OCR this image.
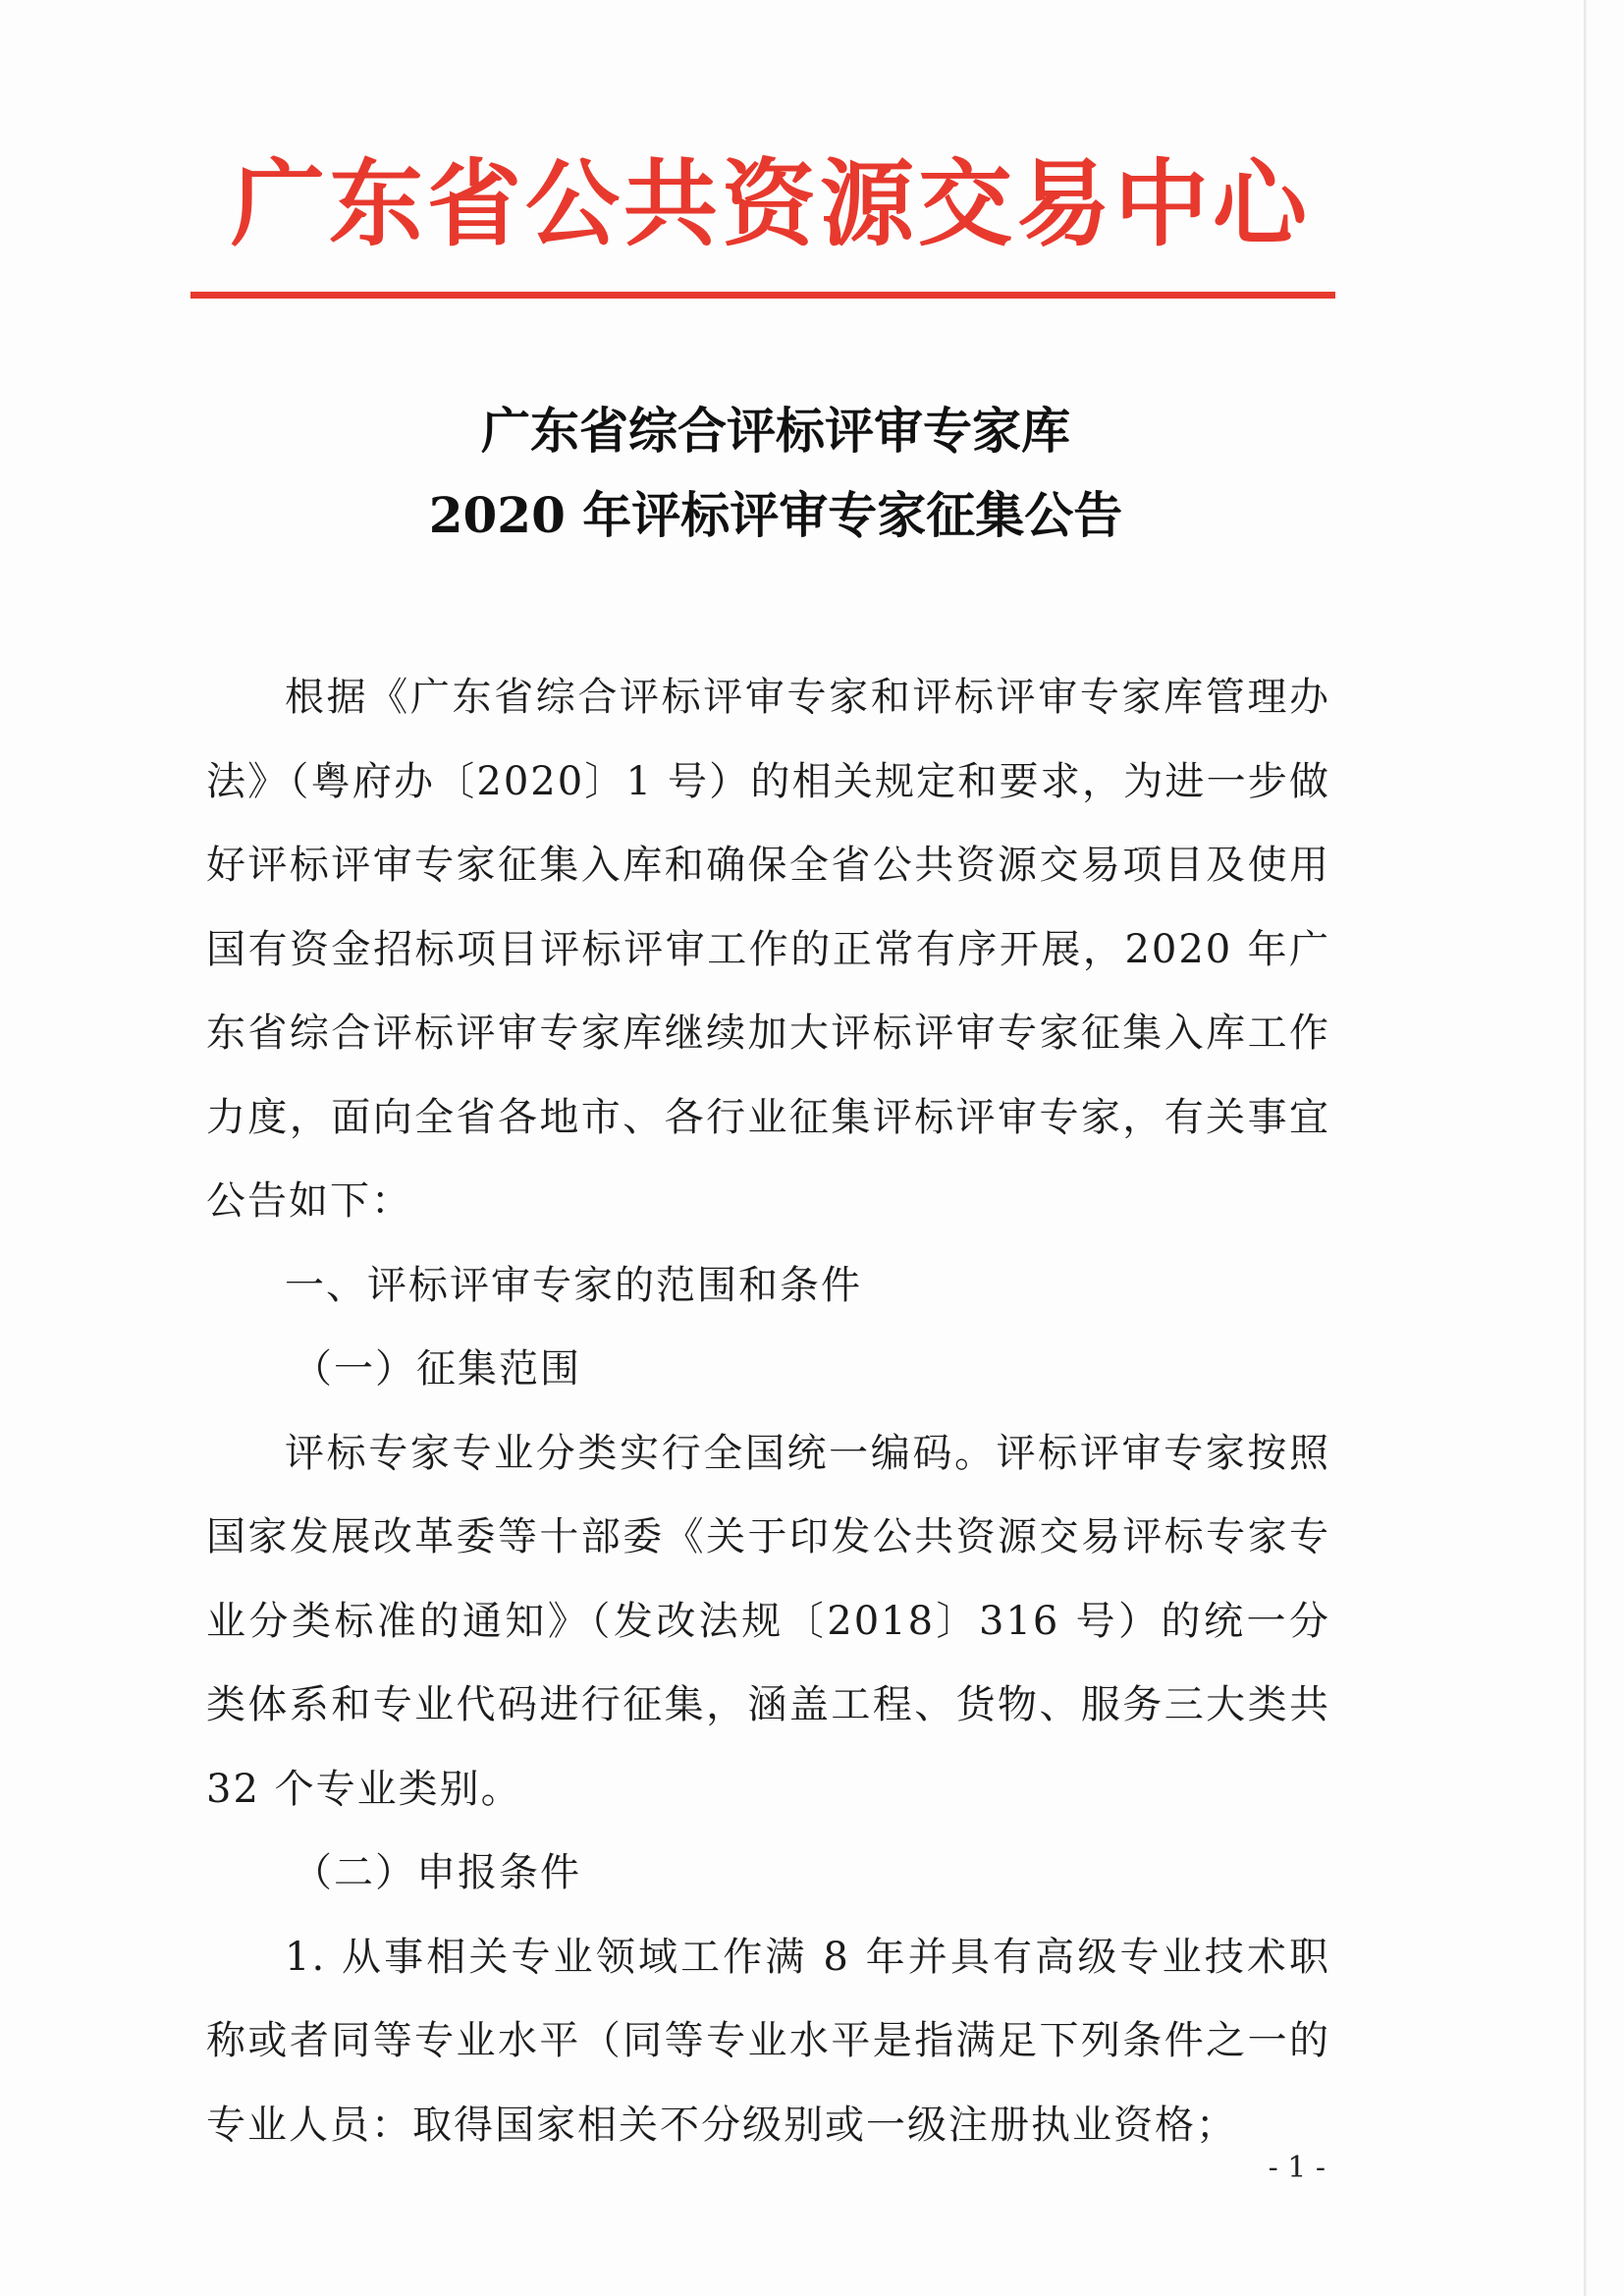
广东省公共资源交易中心
广东省综合评标评审专家库
2020 年评标评审专家征集公告

根据《广东省综合评标评审专家和评标评审专家库管理办法》（粤府办〔2020〕1 号）的相关规定和要求，为进一步做好评标评审专家征集入库和确保全省公共资源交易项目及使用国有资金招标项目评标评审工作的正常有序开展，2020 年广东省综合评标评审专家库继续加大评标评审专家征集入库工作力度，面向全省各地市、各行业征集评标评审专家，有关事宜公告如下：

一、评标评审专家的范围和条件

（一）征集范围

评标专家专业分类实行全国统一编码。评标评审专家按照国家发展改革委等十部委《关于印发公共资源交易评标专家专业分类标准的通知》（发改法规〔2018〕316 号）的统一分类体系和专业代码进行征集，涵盖工程、货物、服务三大类共 32 个专业类别。

（二）申报条件

1. 从事相关专业领域工作满 8 年并具有高级专业技术职称或者同等专业水平（同等专业水平是指满足下列条件之一的专业人员：取得国家相关不分级别或一级注册执业资格；

- 1 -
